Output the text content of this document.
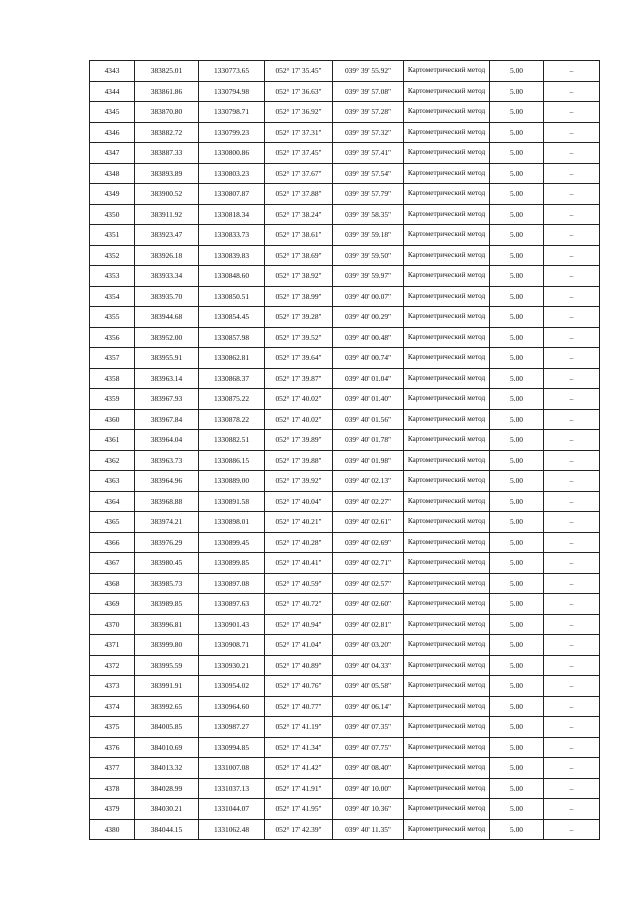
4343	383825.01	1330773.65	052° 17' 35.45"	039° 39' 55.92"	Картометрический метод	5.00	–
4344	383861.86	1330794.98	052° 17' 36.63"	039° 39' 57.08"	Картометрический метод	5.00	–
4345	383870.80	1330798.71	052° 17' 36.92"	039° 39' 57.28"	Картометрический метод	5.00	–
4346	383882.72	1330799.23	052° 17' 37.31"	039° 39' 57.32"	Картометрический метод	5.00	–
4347	383887.33	1330800.86	052° 17' 37.45"	039° 39' 57.41"	Картометрический метод	5.00	–
4348	383893.89	1330803.23	052° 17' 37.67"	039° 39' 57.54"	Картометрический метод	5.00	–
4349	383900.52	1330807.87	052° 17' 37.88"	039° 39' 57.79"	Картометрический метод	5.00	–
4350	383911.92	1330818.34	052° 17' 38.24"	039° 39' 58.35"	Картометрический метод	5.00	–
4351	383923.47	1330833.73	052° 17' 38.61"	039° 39' 59.18"	Картометрический метод	5.00	–
4352	383926.18	1330839.83	052° 17' 38.69"	039° 39' 59.50"	Картометрический метод	5.00	–
4353	383933.34	1330848.60	052° 17' 38.92"	039° 39' 59.97"	Картометрический метод	5.00	–
4354	383935.70	1330850.51	052° 17' 38.99"	039° 40' 00.07"	Картометрический метод	5.00	–
4355	383944.68	1330854.45	052° 17' 39.28"	039° 40' 00.29"	Картометрический метод	5.00	–
4356	383952.00	1330857.98	052° 17' 39.52"	039° 40' 00.48"	Картометрический метод	5.00	–
4357	383955.91	1330862.81	052° 17' 39.64"	039° 40' 00.74"	Картометрический метод	5.00	–
4358	383963.14	1330868.37	052° 17' 39.87"	039° 40' 01.04"	Картометрический метод	5.00	–
4359	383967.93	1330875.22	052° 17' 40.02"	039° 40' 01.40"	Картометрический метод	5.00	–
4360	383967.84	1330878.22	052° 17' 40.02"	039° 40' 01.56"	Картометрический метод	5.00	–
4361	383964.04	1330882.51	052° 17' 39.89"	039° 40' 01.78"	Картометрический метод	5.00	–
4362	383963.73	1330886.15	052° 17' 39.88"	039° 40' 01.98"	Картометрический метод	5.00	–
4363	383964.96	1330889.00	052° 17' 39.92"	039° 40' 02.13"	Картометрический метод	5.00	–
4364	383968.88	1330891.58	052° 17' 40.04"	039° 40' 02.27"	Картометрический метод	5.00	–
4365	383974.21	1330898.01	052° 17' 40.21"	039° 40' 02.61"	Картометрический метод	5.00	–
4366	383976.29	1330899.45	052° 17' 40.28"	039° 40' 02.69"	Картометрический метод	5.00	–
4367	383980.45	1330899.85	052° 17' 40.41"	039° 40' 02.71"	Картометрический метод	5.00	–
4368	383985.73	1330897.08	052° 17' 40.59"	039° 40' 02.57"	Картометрический метод	5.00	–
4369	383989.85	1330897.63	052° 17' 40.72"	039° 40' 02.60"	Картометрический метод	5.00	–
4370	383996.81	1330901.43	052° 17' 40.94"	039° 40' 02.81"	Картометрический метод	5.00	–
4371	383999.80	1330908.71	052° 17' 41.04"	039° 40' 03.20"	Картометрический метод	5.00	–
4372	383995.59	1330930.21	052° 17' 40.89"	039° 40' 04.33"	Картометрический метод	5.00	–
4373	383991.91	1330954.02	052° 17' 40.76"	039° 40' 05.58"	Картометрический метод	5.00	–
4374	383992.65	1330964.60	052° 17' 40.77"	039° 40' 06.14"	Картометрический метод	5.00	–
4375	384005.85	1330987.27	052° 17' 41.19"	039° 40' 07.35"	Картометрический метод	5.00	–
4376	384010.69	1330994.85	052° 17' 41.34"	039° 40' 07.75"	Картометрический метод	5.00	–
4377	384013.32	1331007.08	052° 17' 41.42"	039° 40' 08.40"	Картометрический метод	5.00	–
4378	384028.99	1331037.13	052° 17' 41.91"	039° 40' 10.00"	Картометрический метод	5.00	–
4379	384030.21	1331044.07	052° 17' 41.95"	039° 40' 10.36"	Картометрический метод	5.00	–
4380	384044.15	1331062.48	052° 17' 42.39"	039° 40' 11.35"	Картометрический метод	5.00	–
